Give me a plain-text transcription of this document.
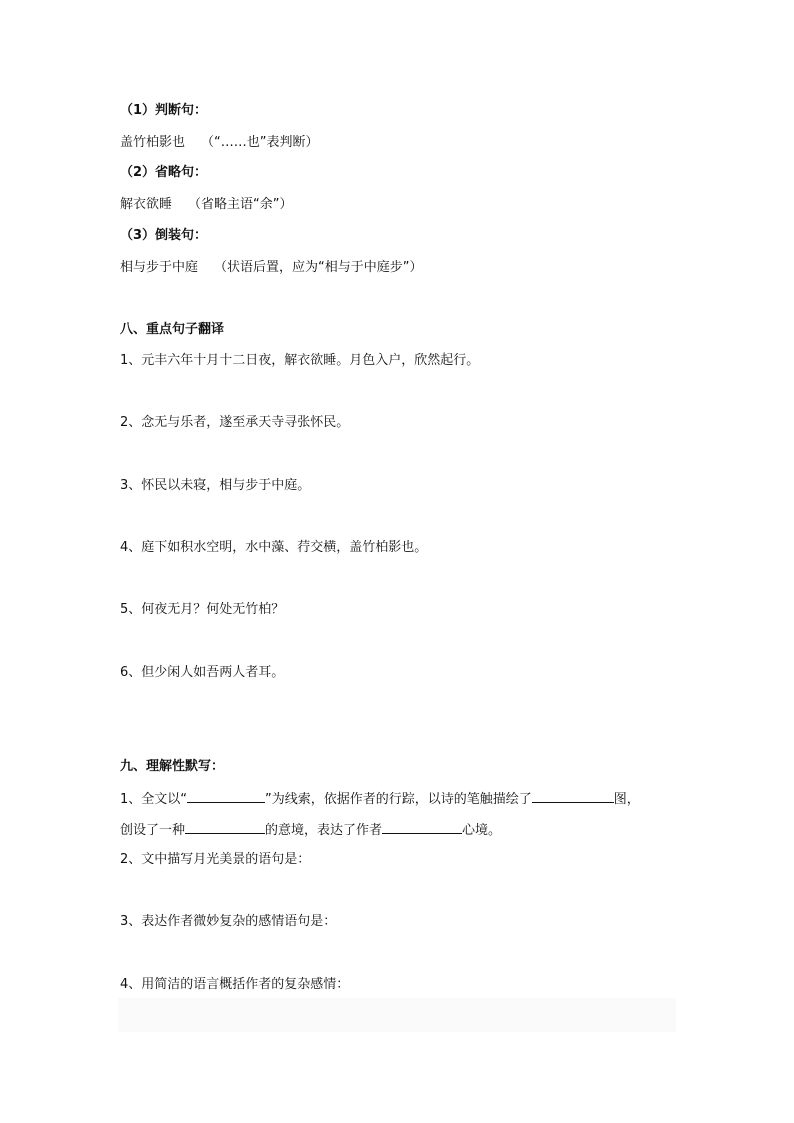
（1）判断句：
盖竹柏影也 （“……也”表判断）
（2）省略句：
解衣欲睡 （省略主语“余”）
（3）倒装句：
相与步于中庭 （状语后置，应为“相与于中庭步”）
八、重点句子翻译
1、元丰六年十月十二日夜，解衣欲睡。月色入户，欣然起行。
2、念无与乐者，遂至承天寺寻张怀民。
3、怀民以未寝，相与步于中庭。
4、庭下如积水空明，水中藻、荇交横，盖竹柏影也。
5、何夜无月？何处无竹柏？
6、但少闲人如吾两人者耳。
九、理解性默写：
1、全文以“	”为线索，依据作者的行踪，以诗的笔触描绘了	图，
创设了一种	的意境，表达了作者	心境。
2、文中描写月光美景的语句是：
3、表达作者微妙复杂的感情语句是：
4、用简洁的语言概括作者的复杂感情：
